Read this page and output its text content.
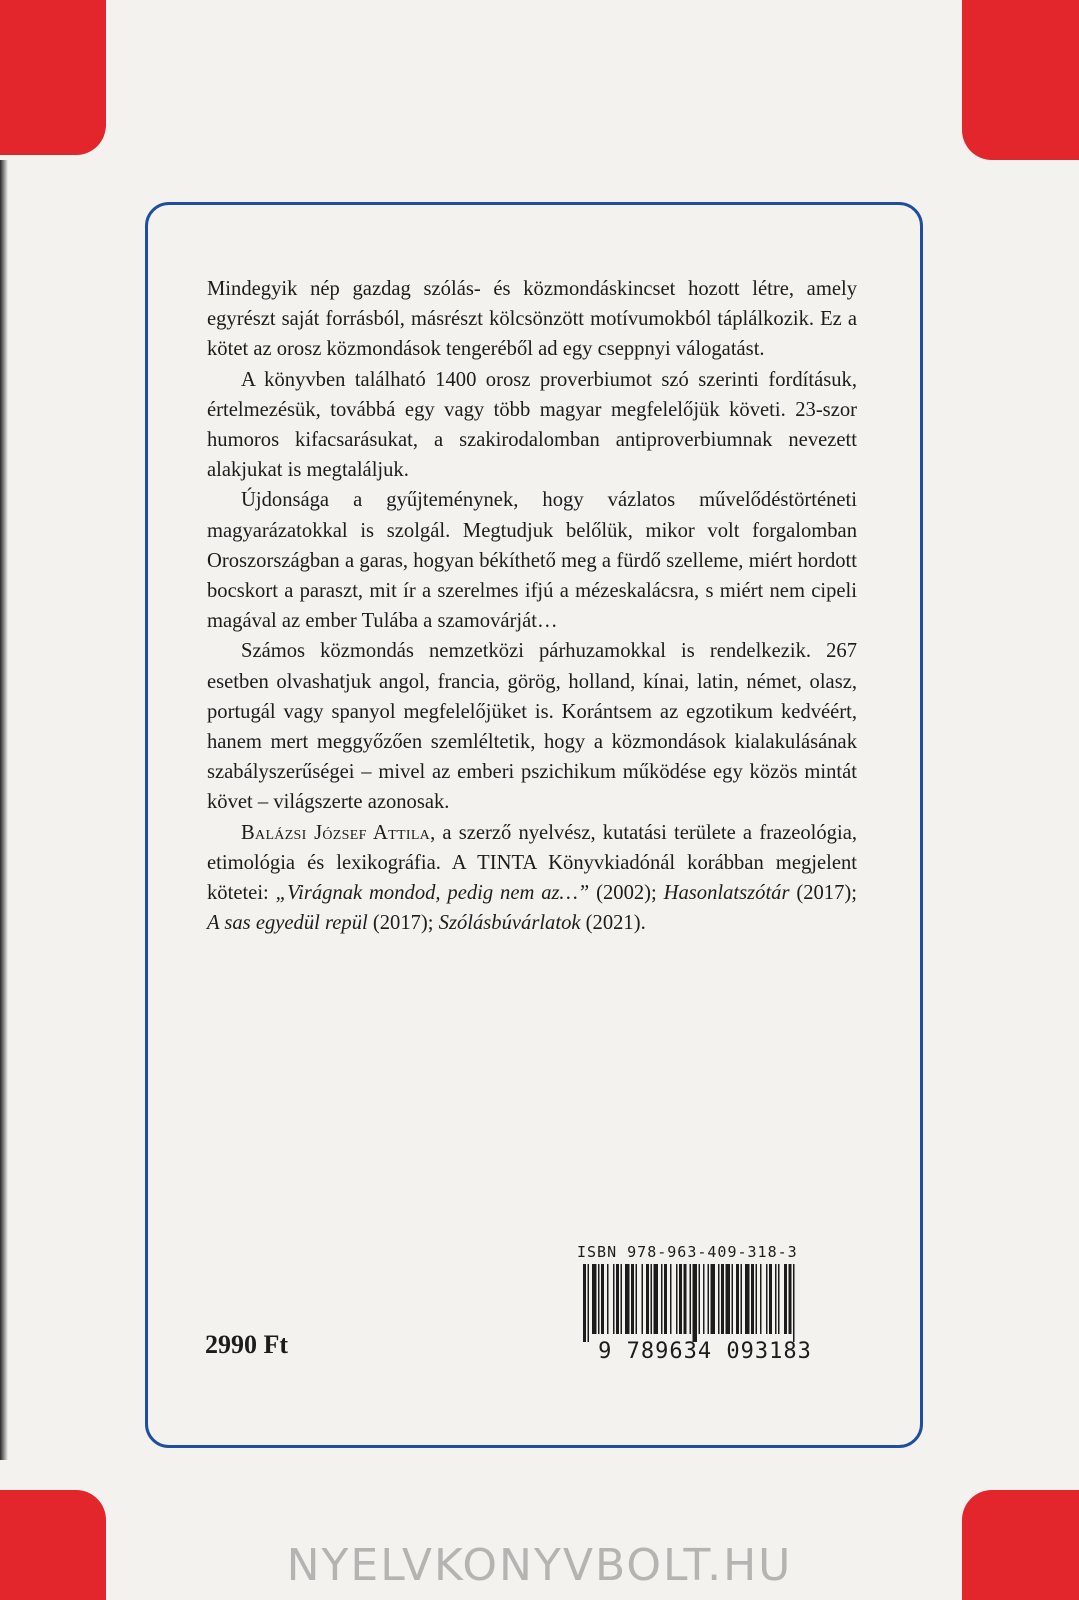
Mindegyik nép gazdag szólás- és közmondáskincset hozott létre, amely egyrészt saját forrásból, másrészt kölcsönzött motívumokból táplálkozik. Ez a kötet az orosz közmondások tengeréből ad egy cseppnyi válogatást.

A könyvben található 1400 orosz proverbiumot szó szerinti fordításuk, értelmezésük, továbbá egy vagy több magyar megfelelőjük követi. 23-szor humoros kifacsarásukat, a szakirodalomban antiproverbiumnak nevezett alakjukat is megtaláljuk.

Újdonsága a gyűjteménynek, hogy vázlatos művelődéstörténeti magyarázatokkal is szolgál. Megtudjuk belőlük, mikor volt forgalomban Oroszországban a garas, hogyan békíthető meg a fürdő szelleme, miért hordott bocskort a paraszt, mit ír a szerelmes ifjú a mézeskalácsra, s miért nem cipeli magával az ember Tulába a szamovárját…

Számos közmondás nemzetközi párhuzamokkal is rendelkezik. 267 esetben olvashatjuk angol, francia, görög, holland, kínai, latin, német, olasz, portugál vagy spanyol megfelelőjüket is. Korántsem az egzotikum kedvéért, hanem mert meggyőzően szemléltetik, hogy a közmondások kialakulásának szabályszerűségei – mivel az emberi pszichikum működése egy közös mintát követ – világszerte azonosak.

Balázsi József Attila, a szerző nyelvész, kutatási területe a frazeológia, etimológia és lexikográfia. A TINTA Könyvkiadónál korábban megjelent kötetei: „Virágnak mondod, pedig nem az…” (2002); Hasonlatszótár (2017); A sas egyedül repül (2017); Szólásbúvárlatok (2021).

ISBN 978-963-409-318-3
9 789634 093183
2990 Ft
NYELVKONYVBOLT.HU
